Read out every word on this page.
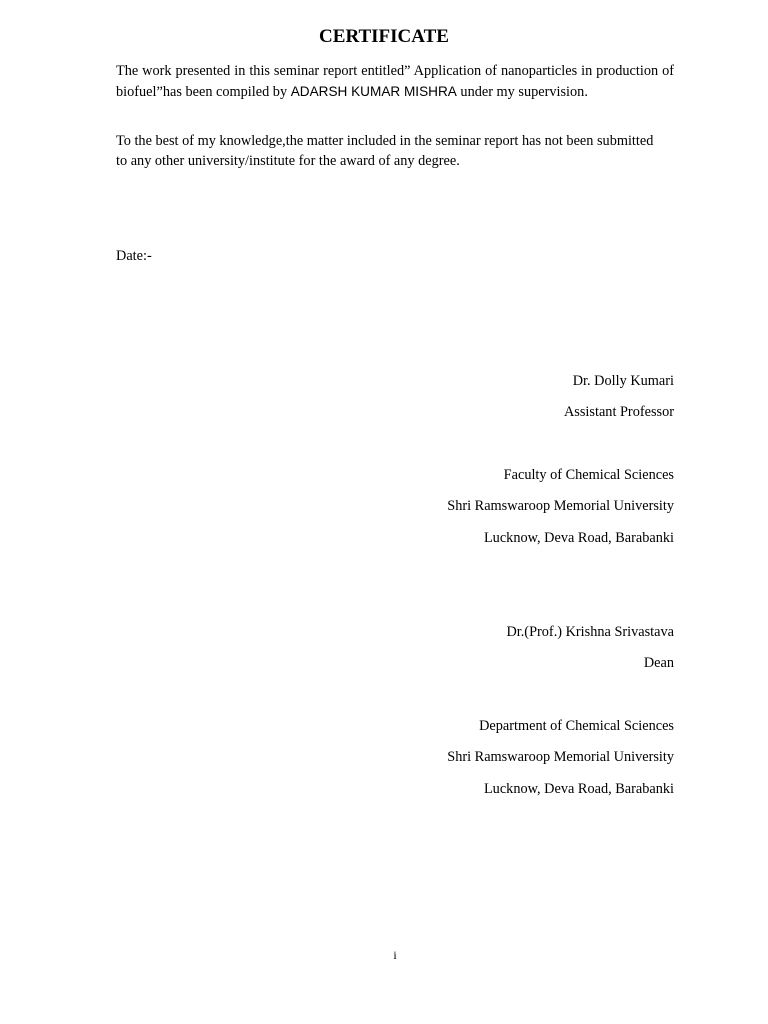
CERTIFICATE

The work presented in this seminar report entitled” Application of nanoparticles in production of biofuel”has been compiled by ADARSH KUMAR MISHRA under my supervision.

To the best of my knowledge,the matter included in the seminar report has not been submitted to any other university/institute for the award of any degree.

Date:-
Dr. Dolly Kumari
Assistant Professor
Faculty of Chemical Sciences
Shri Ramswaroop Memorial University
Lucknow, Deva Road, Barabanki
Dr.(Prof.) Krishna Srivastava
Dean
Department of Chemical Sciences
Shri Ramswaroop Memorial University
Lucknow, Deva Road, Barabanki
i
